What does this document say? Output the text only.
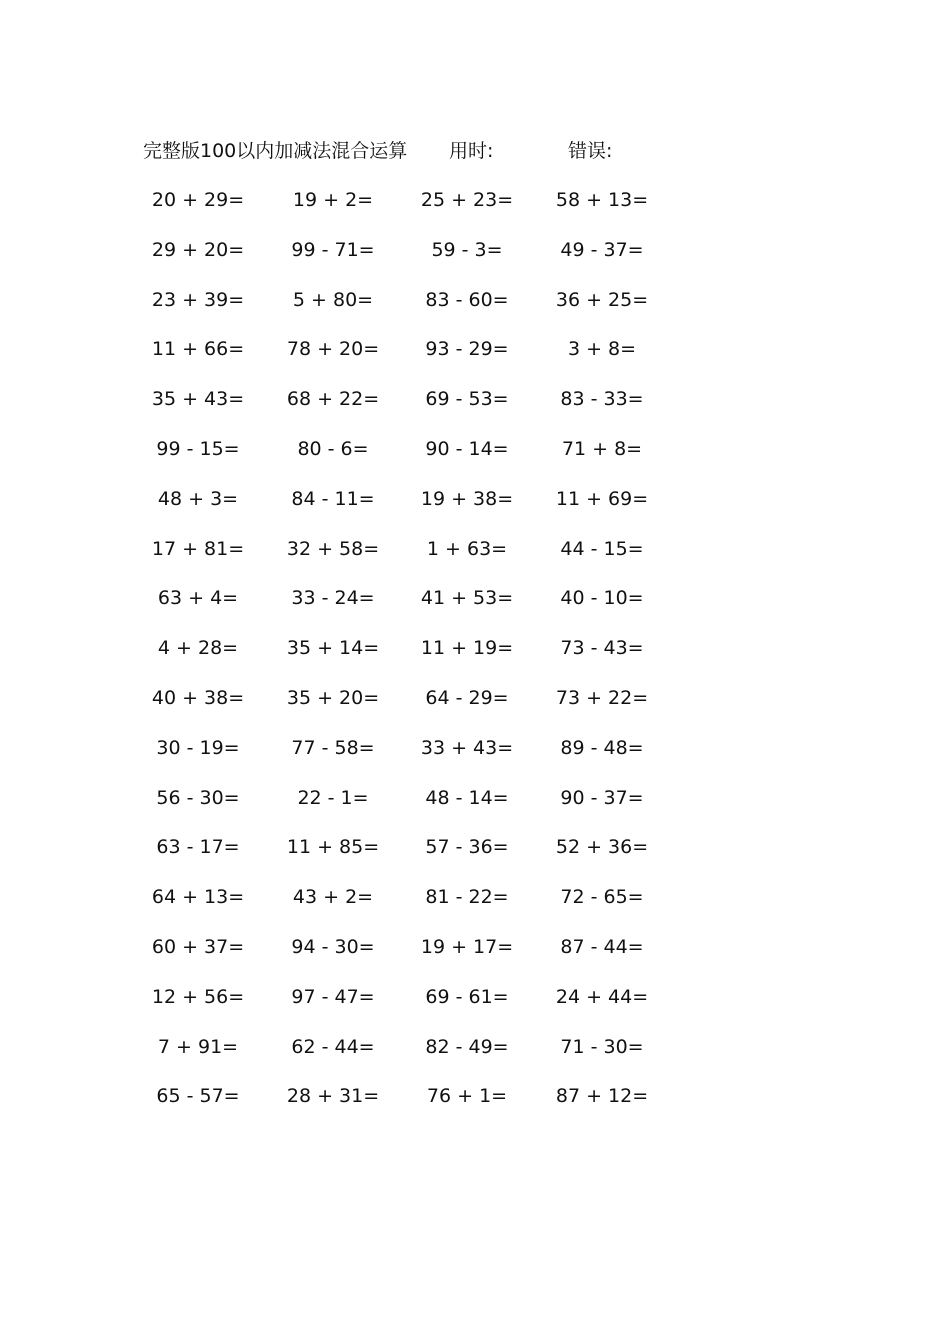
完整版100以内加减法混合运算 用时:	错误:
20 + 29=	19 + 2=	25 + 23=	58 + 13=
29 + 20=	99 - 71=	59 - 3=	49 - 37=
23 + 39=	5 + 80=	83 - 60=	36 + 25=
11 + 66=	78 + 20=	93 - 29=	3 + 8=
35 + 43=	68 + 22=	69 - 53=	83 - 33=
99 - 15=	80 - 6=	90 - 14=	71 + 8=
48 + 3=	84 - 11=	19 + 38=	11 + 69=
17 + 81=	32 + 58=	1 + 63=	44 - 15=
63 + 4=	33 - 24=	41 + 53=	40 - 10=
4 + 28=	35 + 14=	11 + 19=	73 - 43=
40 + 38=	35 + 20=	64 - 29=	73 + 22=
30 - 19=	77 - 58=	33 + 43=	89 - 48=
56 - 30=	22 - 1=	48 - 14=	90 - 37=
63 - 17=	11 + 85=	57 - 36=	52 + 36=
64 + 13=	43 + 2=	81 - 22=	72 - 65=
60 + 37=	94 - 30=	19 + 17=	87 - 44=
12 + 56=	97 - 47=	69 - 61=	24 + 44=
7 + 91=	62 - 44=	82 - 49=	71 - 30=
65 - 57=	28 + 31=	76 + 1=	87 + 12=
